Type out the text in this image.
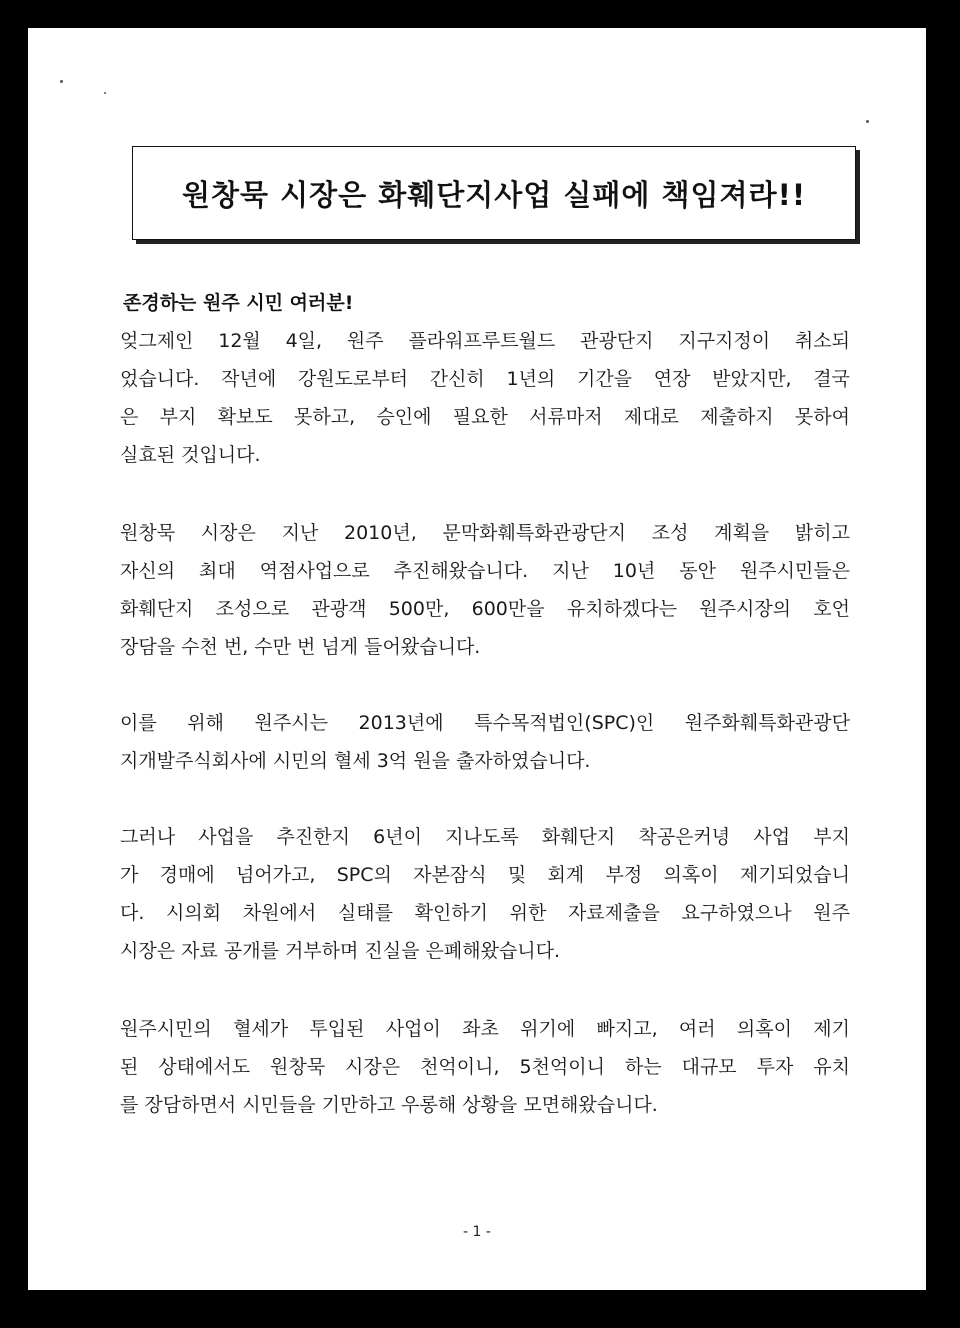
원창묵 시장은 화훼단지사업 실패에 책임져라!!
존경하는 원주 시민 여러분!
엊그제인 12월 4일, 원주 플라워프루트월드 관광단지 지구지정이 취소되
었습니다. 작년에 강원도로부터 간신히 1년의 기간을 연장 받았지만, 결국
은 부지 확보도 못하고, 승인에 필요한 서류마저 제대로 제출하지 못하여
실효된 것입니다.
원창묵 시장은 지난 2010년, 문막화훼특화관광단지 조성 계획을 밝히고
자신의 최대 역점사업으로 추진해왔습니다. 지난 10년 동안 원주시민들은
화훼단지 조성으로 관광객 500만, 600만을 유치하겠다는 원주시장의 호언
장담을 수천 번, 수만 번 넘게 들어왔습니다.
이를 위해 원주시는 2013년에 특수목적법인(SPC)인 원주화훼특화관광단
지개발주식회사에 시민의 혈세 3억 원을 출자하였습니다.
그러나 사업을 추진한지 6년이 지나도록 화훼단지 착공은커녕 사업 부지
가 경매에 넘어가고, SPC의 자본잠식 및 회계 부정 의혹이 제기되었습니
다. 시의회 차원에서 실태를 확인하기 위한 자료제출을 요구하였으나 원주
시장은 자료 공개를 거부하며 진실을 은폐해왔습니다.
원주시민의 혈세가 투입된 사업이 좌초 위기에 빠지고, 여러 의혹이 제기
된 상태에서도 원창묵 시장은 천억이니, 5천억이니 하는 대규모 투자 유치
를 장담하면서 시민들을 기만하고 우롱해 상황을 모면해왔습니다.
- 1 -
